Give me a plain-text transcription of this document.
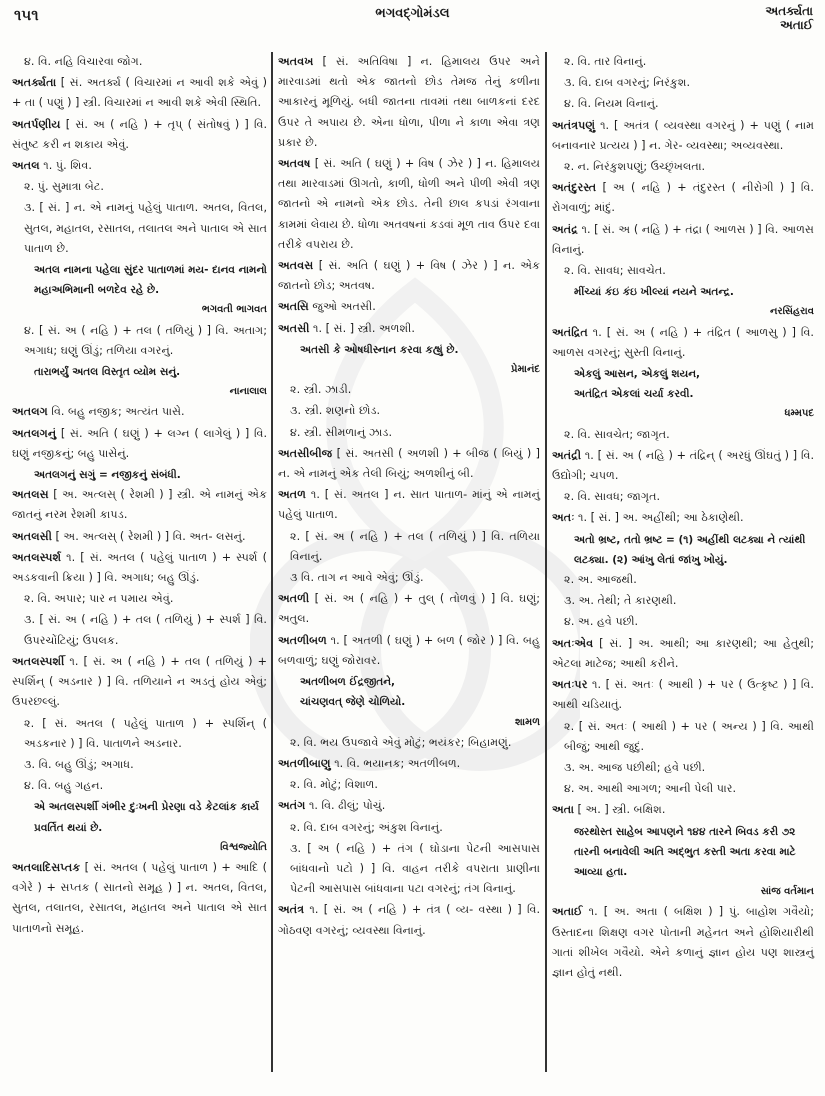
૧૫૧	ભગવદ્ગોમંડલ	અતર્ક્યતા
અતાઈ
૪. વિ. નહિ વિચારવા જોગ.
અતર્ક્યતા [ સં. અતર્ક્ય ( વિચારમાં ન આવી શકે એવું ) + તા ( પણું ) ] સ્ત્રી. વિચારમાં ન આવી શકે એવી સ્થિતિ.
અતર્પણીય [ સં. અ ( નહિ ) + તૃપ્ ( સંતોષવું ) ] વિ. સંતુષ્ટ કરી ન શકાય એવું.
અતલ ૧. પું. શિવ.
૨. પું. સુમાત્રા બેટ.
૩. [ સં. ] ન. એ નામનું પહેલું પાતાળ. અતલ, વિતલ, સુતલ, મહાતલ, રસાતલ, તલાતલ અને પાતાલ એ સાત પાતાળ છે.
અતલ નામના પહેલા સુંદર પાતાળમાં મય- દાનવ નામનો મહાઅભિમાની બળદેવ રહે છે.
ભગવતી ભાગવત
૪. [ સં. અ ( નહિ ) + તલ ( તળિયું ) ] વિ. અતાગ; અગાધ; ઘણું ઊંડું; તળિયા વગરનું.
તારાભર્યું અતલ વિસ્તૃત વ્યોમ સનું.
નાનાલાલ
અતલગ વિ. બહુ નજીક; અત્યંત પાસે.
અતલગનું [ સં. અતિ ( ઘણું ) + લગ્ન ( લાગેલું ) ] વિ. ઘણું નજીકનું; બહુ પાસેનું.
અતલગનું સગું = નજીકનું સંબંધી.
અતલસ [ અ. અત્લસ્ ( રેશમી ) ] સ્ત્રી. એ નામનું એક જાતનું નરમ રેશમી કાપડ.
અતલસી [ અ. અત્લસ્ ( રેશમી ) ] વિ. અત- લસનું.
અતલસ્પર્શ ૧. [ સં. અતલ ( પહેલું પાતાળ ) + સ્પર્શ ( અડકવાની ક્રિયા ) ] વિ. અગાધ; બહુ ઊંડું.
૨. વિ. અપાર; પાર ન પમાય એવું.
૩. [ સં. અ ( નહિ ) + તલ ( તળિયું ) + સ્પર્શ ] વિ. ઉપરચોંટિયું; ઉપલક.
અતલસ્પર્શી ૧. [ સં. અ ( નહિ ) + તલ ( તળિયું ) + સ્પર્શિન્ ( અડનાર ) ] વિ. તળિયાને ન અડતું હોય એવું; ઉપરછલ્લું.
૨. [ સં. અતલ ( પહેલું પાતાળ ) + સ્પર્શિન્ ( અડકનાર ) ] વિ. પાતાળને અડનાર.
૩. વિ. બહુ ઊંડું; અગાધ.
૪. વિ. બહુ ગહન.
એ અતલસ્પર્શી ગંભીર દુઃખની પ્રેરણા વડે કેટલાંક કાર્ય પ્રવર્તિત થયાં છે.
વિશ્વજ્યોતિ
અતલાદિસપ્તક [ સં. અતલ ( પહેલું પાતાળ ) + આદિ ( વગેરે ) + સપ્તક ( સાતનો સમૂહ ) ] ન. અતલ, વિતલ, સુતલ, તલાતલ, રસાતલ, મહાતલ અને પાતાલ એ સાત પાતાળનો સમૂહ.
અતવખ [ સં. અતિવિષા ] ન. હિમાલય ઉપર અને મારવાડમાં થતો એક જાતનો છોડ તેમજ તેનું કળીના આકારનું મૂળિયું. બધી જાતના તાવમાં તથા બાળકનાં દરદ ઉપર તે અપાય છે. એના ધોળા, પીળા ને કાળા એવા ત્રણ પ્રકાર છે.
અતવષ [ સં. અતિ ( ઘણું ) + વિષ ( ઝેર ) ] ન. હિમાલય તથા મારવાડમાં ઊગતો, કાળી, ધોળી અને પીળી એવી ત્રણ જાતનો એ નામનો એક છોડ. તેની છાલ કપડાં રંગવાના કામમાં લેવાય છે. ધોળા અતવષનાં કડવાં મૂળ તાવ ઉપર દવા તરીકે વપરાય છે.
અતવસ [ સં. અતિ ( ઘણું ) + વિષ ( ઝેર ) ] ન. એક જાતનો છોડ; અતવષ.
અતસિ જુઓ અતસી.
અતસી ૧. [ સં. ] સ્ત્રી. અળશી.
અતસી કે ઓષધીસ્નાન કરવા કહ્યું છે.
પ્રેમાનંદ
૨. સ્ત્રી. ઝાડી.
૩. સ્ત્રી. શણનો છોડ.
૪. સ્ત્રી. સીમળાનું ઝાડ.
અતસીબીજ [ સં. અતસી ( અળશી ) + બીજ ( બિયું ) ] ન. એ નામનું એક તેલી બિયું; અળશીનું બી.
અતળ ૧. [ સં. અતલ ] ન. સાત પાતાળ- માંનું એ નામનું પહેલું પાતાળ.
૨. [ સં. અ ( નહિ ) + તલ ( તળિયું ) ] વિ. તળિયા વિનાનું.
૩ વિ. તાગ ન આવે એવું; ઊંડું.
અતળી [ સં. અ ( નહિ ) + તુલ્ ( તોળવું ) ] વિ. ઘણું; અતુલ.
અતળીબળ ૧. [ અતળી ( ઘણું ) + બળ ( જોર ) ] વિ. બહુ બળવાળું; ઘણું જોરાવર.
અતળીબળ ઈંદ્રજીતને,
ચાંચણવત્ જેણે ચોળિયો.
શામળ
૨. વિ. ભય ઉપજાવે એવું મોટું; ભયંકર; બિહામણું.
અતળીબાણુ ૧. વિ. ભયાનક; અતળીબળ.
૨. વિ. મોટું; વિશાળ.
અતંગ ૧. વિ. ઢીલું; પોચું.
૨. વિ. દાબ વગરનું; અંકુશ વિનાનું.
૩. [ અ ( નહિ ) + તંગ ( ઘોડાના પેટની આસપાસ બાંધવાનો પટો ) ] વિ. વાહન તરીકે વપરાતા પ્રાણીના પેટની આસપાસ બાંધવાના પટા વગરનું; તંગ વિનાનું.
અતંત્ર ૧. [ સં. અ ( નહિ ) + તંત્ર ( વ્ય- વસ્થા ) ] વિ. ગોઠવણ વગરનું; વ્યવસ્થા વિનાનું.
૨. વિ. તાર વિનાનું.
૩. વિ. દાબ વગરનું; નિરંકુશ.
૪. વિ. નિયમ વિનાનું.
અતંત્રપણું ૧. [ અતંત્ર ( વ્યવસ્થા વગરનું ) + પણું ( નામ બનાવનાર પ્રત્યય ) ] ન. ગેર- વ્યવસ્થા; અવ્યવસ્થા.
૨. ન. નિરંકુશપણું; ઉચ્છૃંખલતા.
અતંદુરસ્ત [ અ ( નહિ ) + તંદુરસ્ત ( નીરોગી ) ] વિ. રોગવાળું; માંદું.
અતંદ્ર ૧. [ સં. અ ( નહિ ) + તંદ્રા ( આળસ ) ] વિ. આળસ વિનાનું.
૨. વિ. સાવધ; સાવચેત.
મીંચ્યાં કંઇ કંઇ ખીલ્યાં નયને અતન્દ્ર.
નરસિંહરાવ
અતંદ્રિત ૧. [ સં. અ ( નહિ ) + તંદ્રિત ( આળસુ ) ] વિ. આળસ વગરનું; સુસ્તી વિનાનું.
એકલું આસન, એકલું શયન,
અતંદ્રિત એકલાં ચર્યા કરવી.
ધમ્મપદ
૨. વિ. સાવચેત; જાગૃત.
અતંદ્રી ૧. [ સં. અ ( નહિ ) + તંદ્રિન્ ( અરધું ઊંઘતું ) ] વિ. ઉદ્યોગી; ચપળ.
૨. વિ. સાવધ; જાગૃત.
અતઃ ૧. [ સં. ] અ. અહીંથી; આ ઠેકાણેથી.
અતો ભ્રષ્ટ, તતો ભ્રષ્ટ = (૧) અહીંથી લટક્યા ને ત્યાંથી લટક્યા. (૨) આંખુ લેતાં જાંખુ ખોયું.
૨. અ. આજથી.
૩. અ. તેથી; તે કારણથી.
૪. અ. હવે પછી.
અતઃએવ [ સં. ] અ. આથી; આ કારણથી; આ હેતુથી; એટલા માટેજ; આથી કરીને.
અતઃપર ૧. [ સં. અતઃ ( આથી ) + પર ( ઉત્કૃષ્ટ ) ] વિ. આથી ચડિયાતું.
૨. [ સં. અતઃ ( આથી ) + પર ( અન્ય ) ] વિ. આથી બીજું; આથી જુદું.
૩. અ. આજ પછીથી; હવે પછી.
૪. અ. આથી આગળ; આની પેલી પાર.
અતા [ અ. ] સ્ત્રી. બક્ષિશ.
જરથોસ્ત સાહેબ આપણને ૧૪૪ તારને બિવડ કરી ૭૨ તારની બનાવેલી અતિ અદ્ભુત કસ્તી અતા કરવા માટે આવ્યા હતા.
સાંજ વર્તમાન
અતાઈ ૧. [ અ. અતા ( બક્ષિશ ) ] પું. બાહોશ ગવૈયો; ઉસ્તાદના શિક્ષણ વગર પોતાની મહેનત અને હોશિયારીથી ગાતાં શીખેલ ગવૈયો. એને કળાનું જ્ઞાન હોય પણ શાસ્ત્રનું જ્ઞાન હોતું નથી.
